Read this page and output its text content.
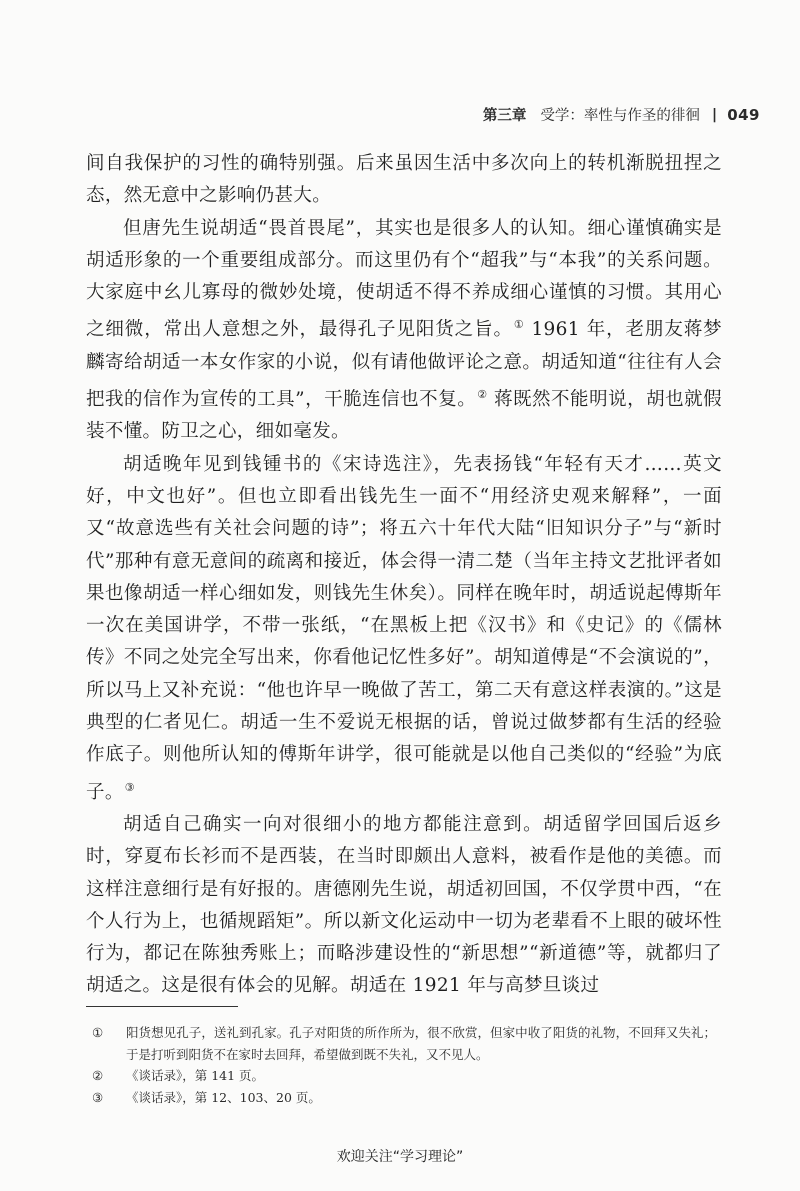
第三章 受学：率性与作圣的徘徊 | 049

间自我保护的习性的确特别强。后来虽因生活中多次向上的转机渐脱扭捏之态，然无意中之影响仍甚大。

但唐先生说胡适“畏首畏尾”，其实也是很多人的认知。细心谨慎确实是胡适形象的一个重要组成部分。而这里仍有个“超我”与“本我”的关系问题。大家庭中幺儿寡母的微妙处境，使胡适不得不养成细心谨慎的习惯。其用心之细微，常出人意想之外，最得孔子见阳货之旨。① 1961 年，老朋友蒋梦麟寄给胡适一本女作家的小说，似有请他做评论之意。胡适知道“往往有人会把我的信作为宣传的工具”，干脆连信也不复。② 蒋既然不能明说，胡也就假装不懂。防卫之心，细如毫发。

胡适晚年见到钱锺书的《宋诗选注》，先表扬钱“年轻有天才……英文好，中文也好”。但也立即看出钱先生一面不“用经济史观来解释”，一面又“故意选些有关社会问题的诗”；将五六十年代大陆“旧知识分子”与“新时代”那种有意无意间的疏离和接近，体会得一清二楚（当年主持文艺批评者如果也像胡适一样心细如发，则钱先生休矣）。同样在晚年时，胡适说起傅斯年一次在美国讲学，不带一张纸，“在黑板上把《汉书》和《史记》的《儒林传》不同之处完全写出来，你看他记忆性多好”。胡知道傅是“不会演说的”，所以马上又补充说：“他也许早一晚做了苦工，第二天有意这样表演的。”这是典型的仁者见仁。胡适一生不爱说无根据的话，曾说过做梦都有生活的经验作底子。则他所认知的傅斯年讲学，很可能就是以他自己类似的“经验”为底子。③

胡适自己确实一向对很细小的地方都能注意到。胡适留学回国后返乡时，穿夏布长衫而不是西装，在当时即颇出人意料，被看作是他的美德。而这样注意细行是有好报的。唐德刚先生说，胡适初回国，不仅学贯中西，“在个人行为上，也循规蹈矩”。所以新文化运动中一切为老辈看不上眼的破坏性行为，都记在陈独秀账上；而略涉建设性的“新思想”“新道德”等，就都归了胡适之。这是很有体会的见解。胡适在 1921 年与高梦旦谈过

①	阳货想见孔子，送礼到孔家。孔子对阳货的所作所为，很不欣赏，但家中收了阳货的礼物，不回拜又失礼；于是打听到阳货不在家时去回拜，希望做到既不失礼，又不见人。
②	《谈话录》，第 141 页。
③	《谈话录》，第 12、103、20 页。
欢迎关注“学习理论”
